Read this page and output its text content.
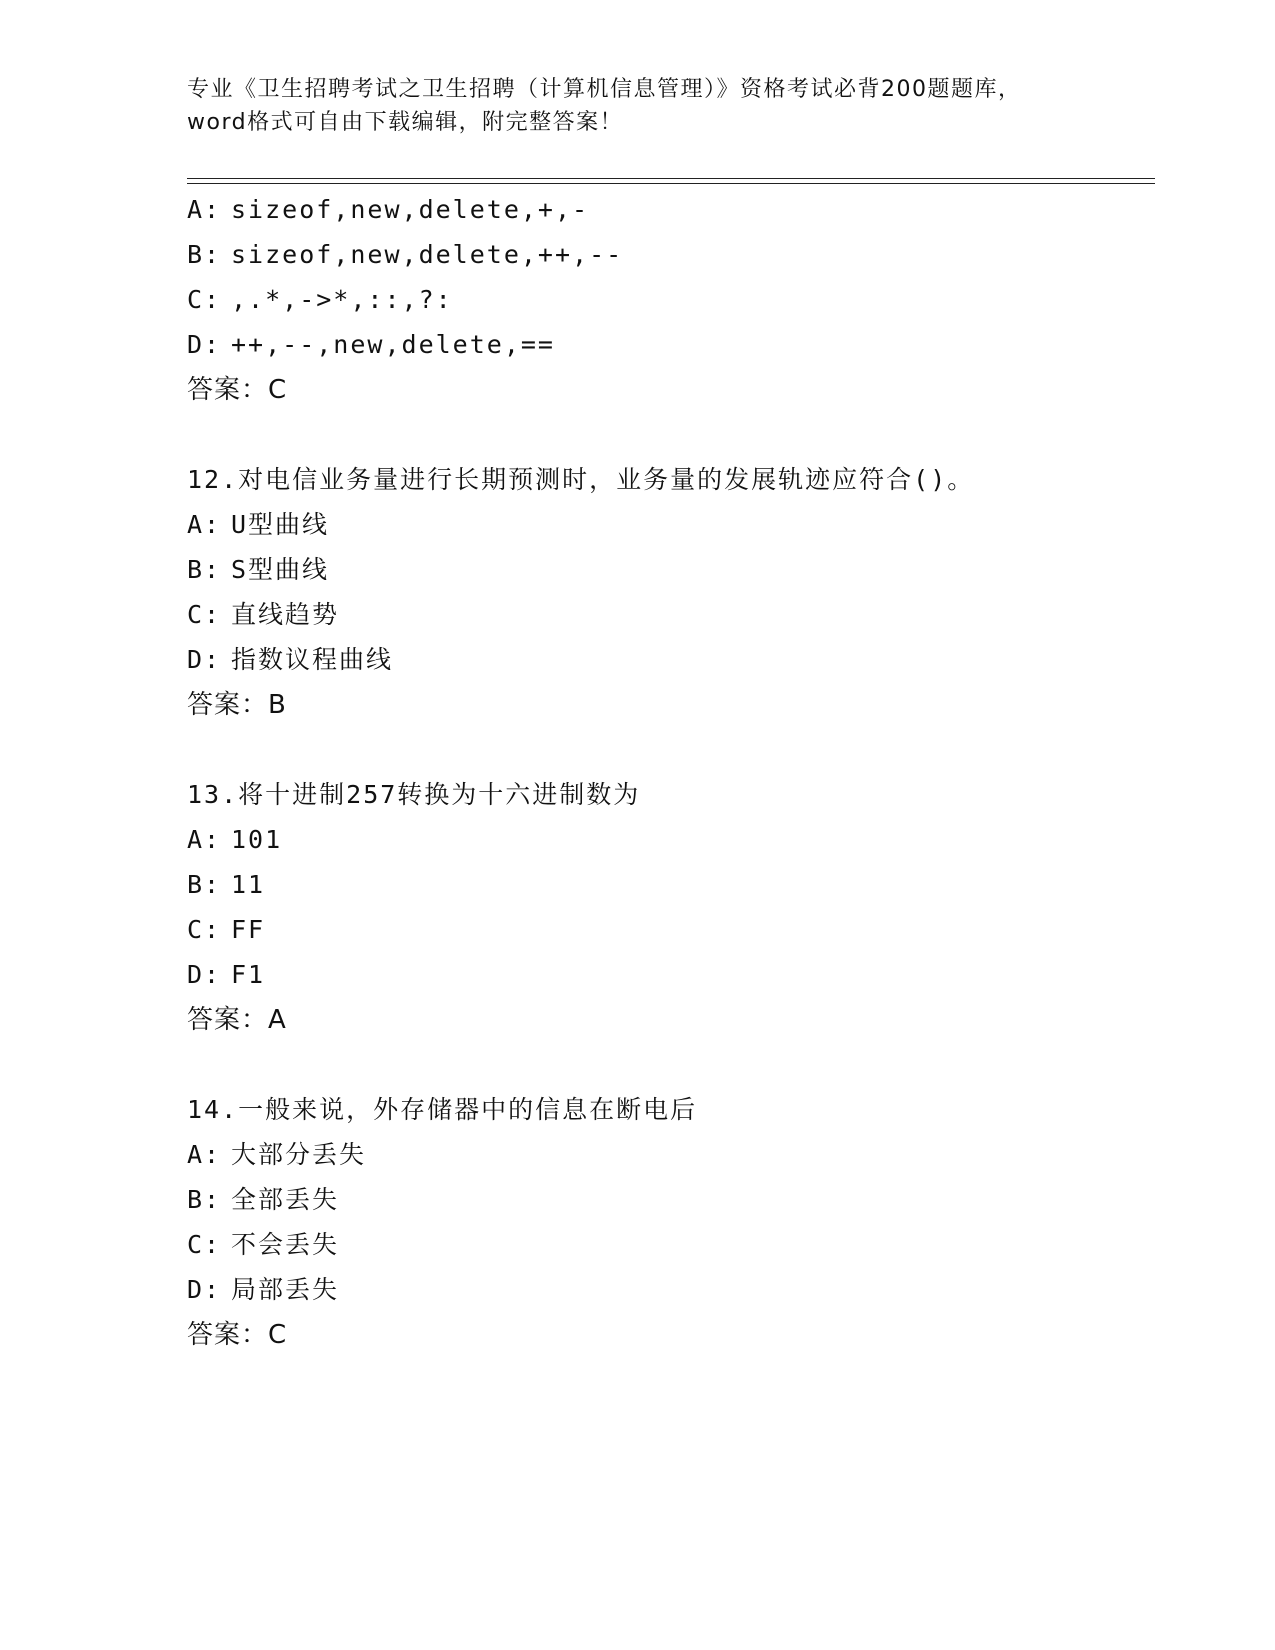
专业《卫生招聘考试之卫生招聘（计算机信息管理）》资格考试必背200题题库，
word格式可自由下载编辑，附完整答案！
A: sizeof,new,delete,+,-
B: sizeof,new,delete,++,--
C: ,.*,->*,::,?:
D: ++,--,new,delete,==
答案：C
12.对电信业务量进行长期预测时，业务量的发展轨迹应符合()。
A: U型曲线
B: S型曲线
C: 直线趋势
D: 指数议程曲线
答案：B
13.将十进制257转换为十六进制数为
A: 101
B: 11
C: FF
D: F1
答案：A
14.一般来说，外存储器中的信息在断电后
A: 大部分丢失
B: 全部丢失
C: 不会丢失
D: 局部丢失
答案：C
